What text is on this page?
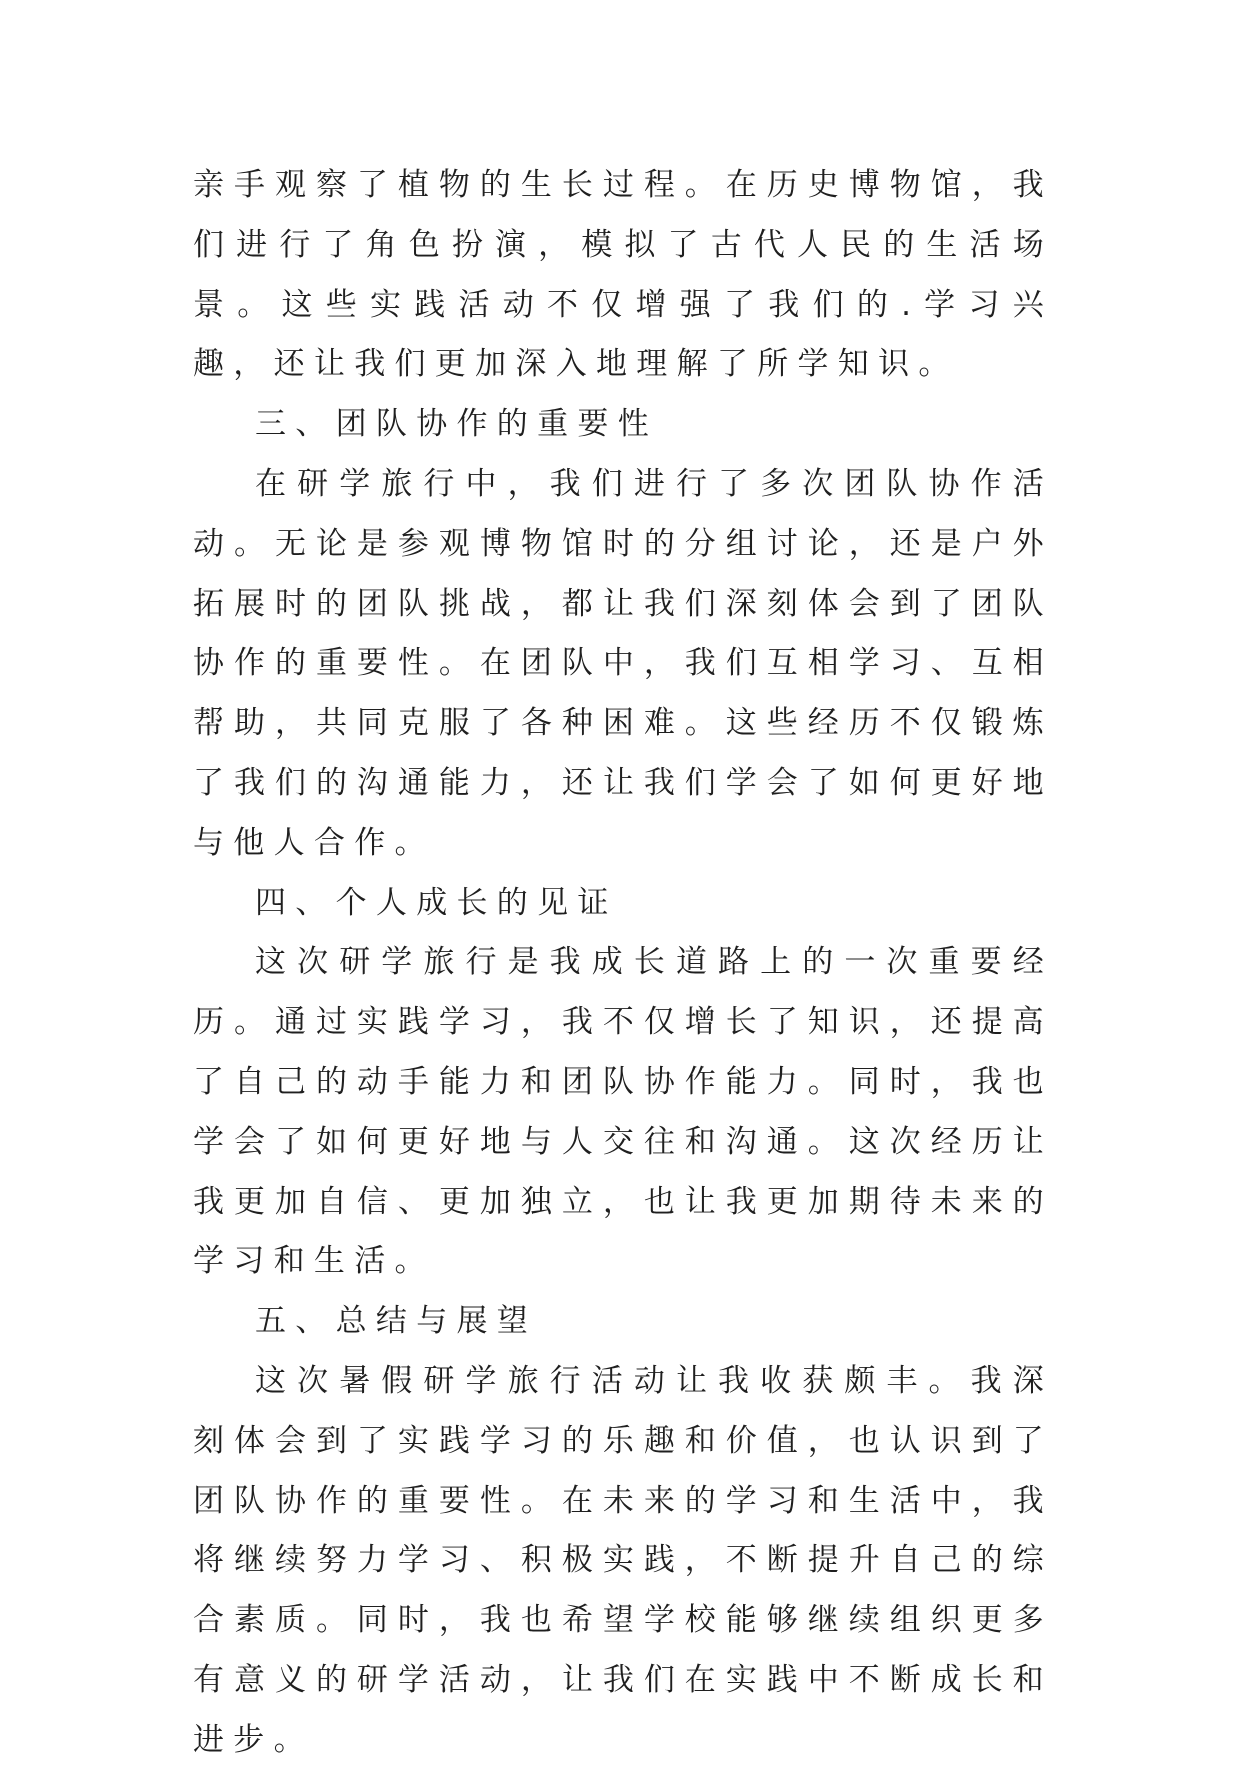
亲手观察了植物的生长过程。在历史博物馆，我们进行了角色扮演，模拟了古代人民的生活场景。这些实践活动不仅增强了我们的.学习兴趣，还让我们更加深入地理解了所学知识。

三、团队协作的重要性

在研学旅行中，我们进行了多次团队协作活动。无论是参观博物馆时的分组讨论，还是户外拓展时的团队挑战，都让我们深刻体会到了团队协作的重要性。在团队中，我们互相学习、互相帮助，共同克服了各种困难。这些经历不仅锻炼了我们的沟通能力，还让我们学会了如何更好地与他人合作。

四、个人成长的见证

这次研学旅行是我成长道路上的一次重要经历。通过实践学习，我不仅增长了知识，还提高了自己的动手能力和团队协作能力。同时，我也学会了如何更好地与人交往和沟通。这次经历让我更加自信、更加独立，也让我更加期待未来的学习和生活。

五、总结与展望

这次暑假研学旅行活动让我收获颇丰。我深刻体会到了实践学习的乐趣和价值，也认识到了团队协作的重要性。在未来的学习和生活中，我将继续努力学习、积极实践，不断提升自己的综合素质。同时，我也希望学校能够继续组织更多有意义的研学活动，让我们在实践中不断成长和进步。
